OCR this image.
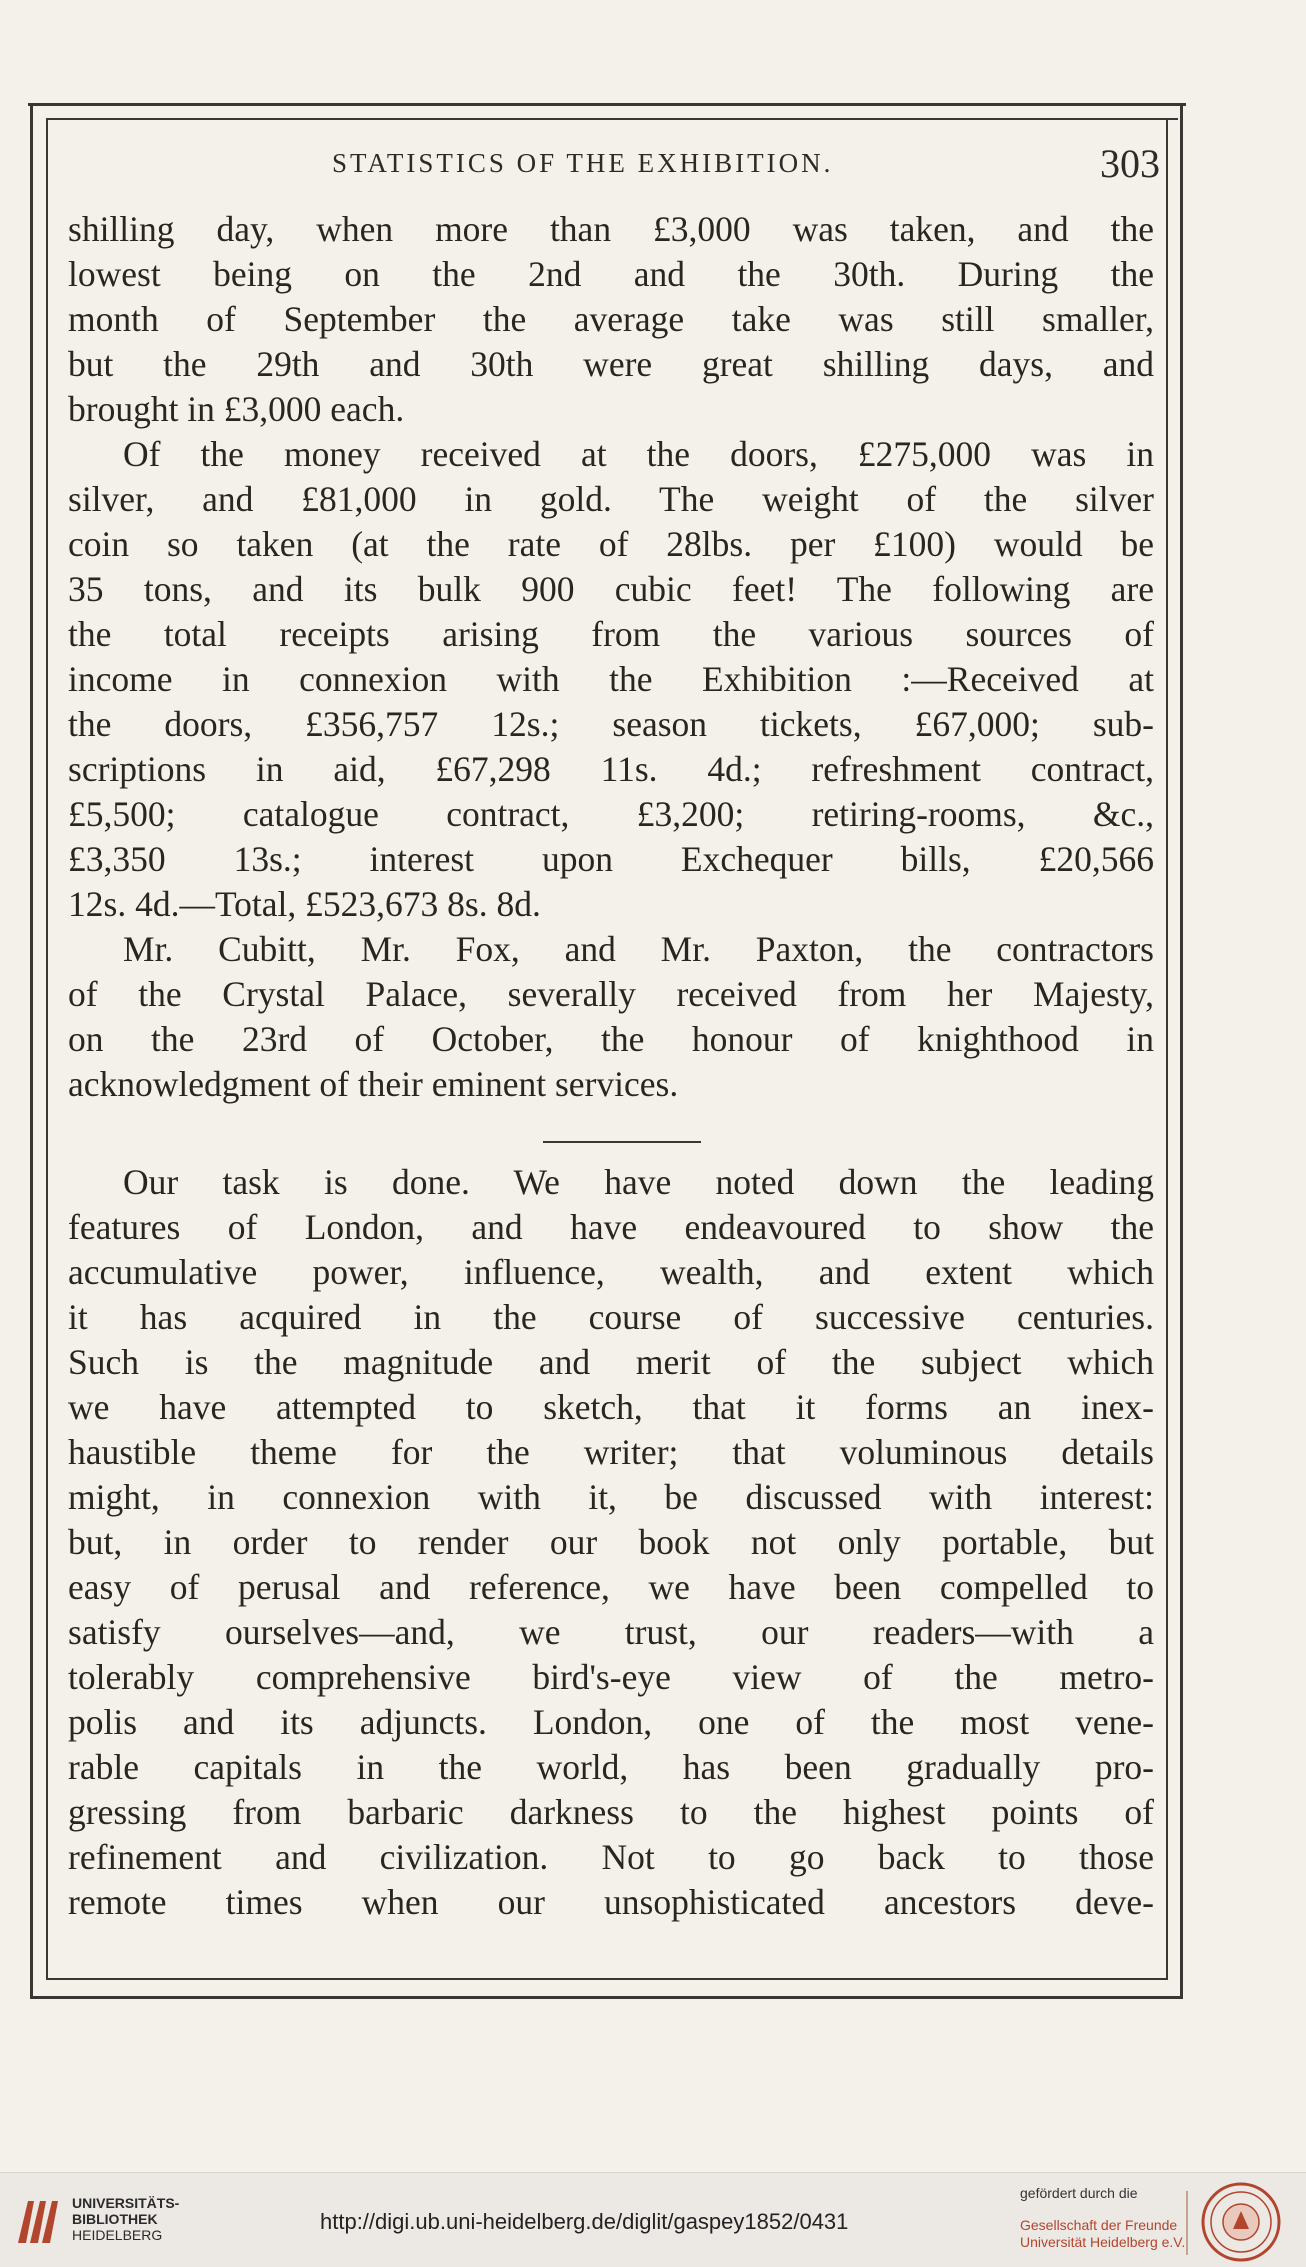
STATISTICS OF THE EXHIBITION.	303
shilling day, when more than £3,000 was taken, and the
lowest being on the 2nd and the 30th. During the
month of September the average take was still smaller,
but the 29th and 30th were great shilling days, and
brought in £3,000 each.
Of the money received at the doors, £275,000 was in
silver, and £81,000 in gold. The weight of the silver
coin so taken (at the rate of 28lbs. per £100) would be
35 tons, and its bulk 900 cubic feet! The following are
the total receipts arising from the various sources of
income in connexion with the Exhibition :—Received at
the doors, £356,757 12s.; season tickets, £67,000; sub-
scriptions in aid, £67,298 11s. 4d.; refreshment contract,
£5,500; catalogue contract, £3,200; retiring-rooms, &c.,
£3,350 13s.; interest upon Exchequer bills, £20,566
12s. 4d.—Total, £523,673 8s. 8d.
Mr. Cubitt, Mr. Fox, and Mr. Paxton, the contractors
of the Crystal Palace, severally received from her Majesty,
on the 23rd of October, the honour of knighthood in
acknowledgment of their eminent services.
Our task is done. We have noted down the leading
features of London, and have endeavoured to show the
accumulative power, influence, wealth, and extent which
it has acquired in the course of successive centuries.
Such is the magnitude and merit of the subject which
we have attempted to sketch, that it forms an inex-
haustible theme for the writer; that voluminous details
might, in connexion with it, be discussed with interest:
but, in order to render our book not only portable, but
easy of perusal and reference, we have been compelled to
satisfy ourselves—and, we trust, our readers—with a
tolerably comprehensive bird's-eye view of the metro-
polis and its adjuncts. London, one of the most vene-
rable capitals in the world, has been gradually pro-
gressing from barbaric darkness to the highest points of
refinement and civilization. Not to go back to those
remote times when our unsophisticated ancestors deve-
UNIVERSITÄTS-
BIBLIOTHEK
HEIDELBERG
http://digi.ub.uni-heidelberg.de/diglit/gaspey1852/0431
gefördert durch die
Gesellschaft der Freunde
Universität Heidelberg e.V.
